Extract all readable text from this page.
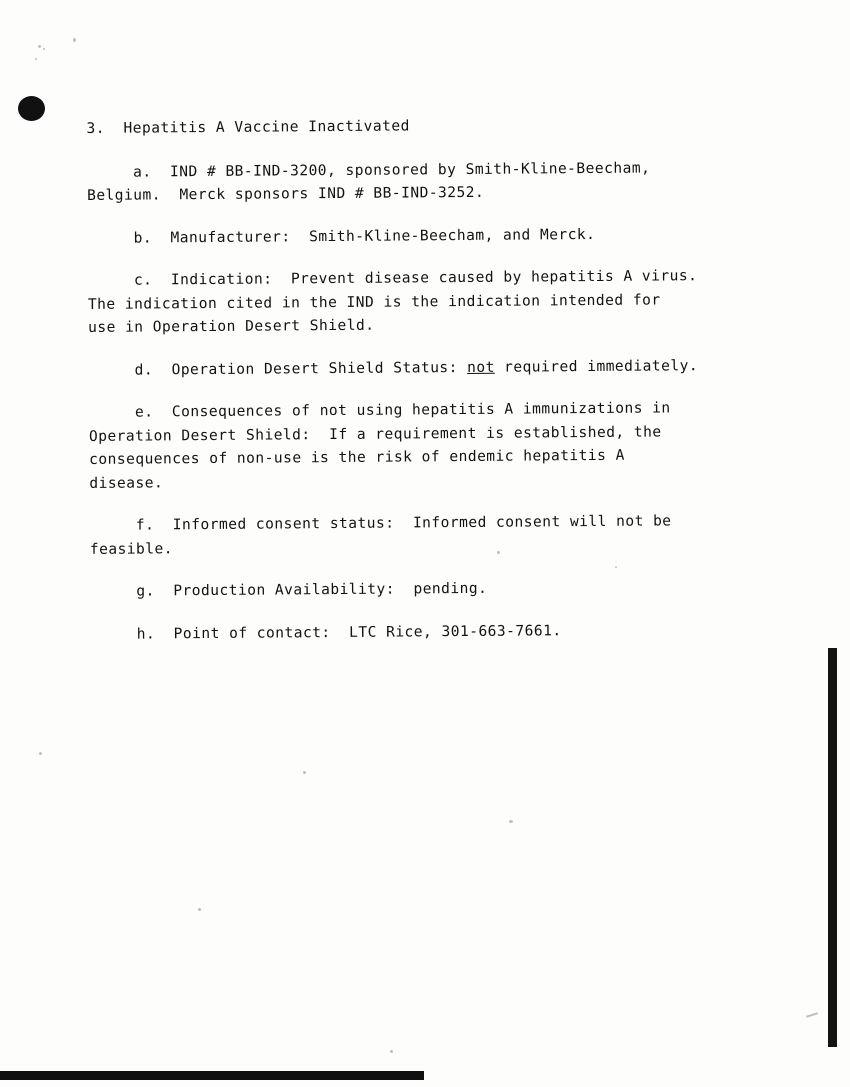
3.  Hepatitis A Vaccine Inactivated

a.  IND # BB-IND-3200, sponsored by Smith-Kline-Beecham,
Belgium.  Merck sponsors IND # BB-IND-3252.

b.  Manufacturer:  Smith-Kline-Beecham, and Merck.

c.  Indication:  Prevent disease caused by hepatitis A virus.
The indication cited in the IND is the indication intended for
use in Operation Desert Shield.

d.  Operation Desert Shield Status: not required immediately.

e.  Consequences of not using hepatitis A immunizations in
Operation Desert Shield:  If a requirement is established, the
consequences of non-use is the risk of endemic hepatitis A
disease.

f.  Informed consent status:  Informed consent will not be
feasible.

g.  Production Availability:  pending.

h.  Point of contact:  LTC Rice, 301-663-7661.
